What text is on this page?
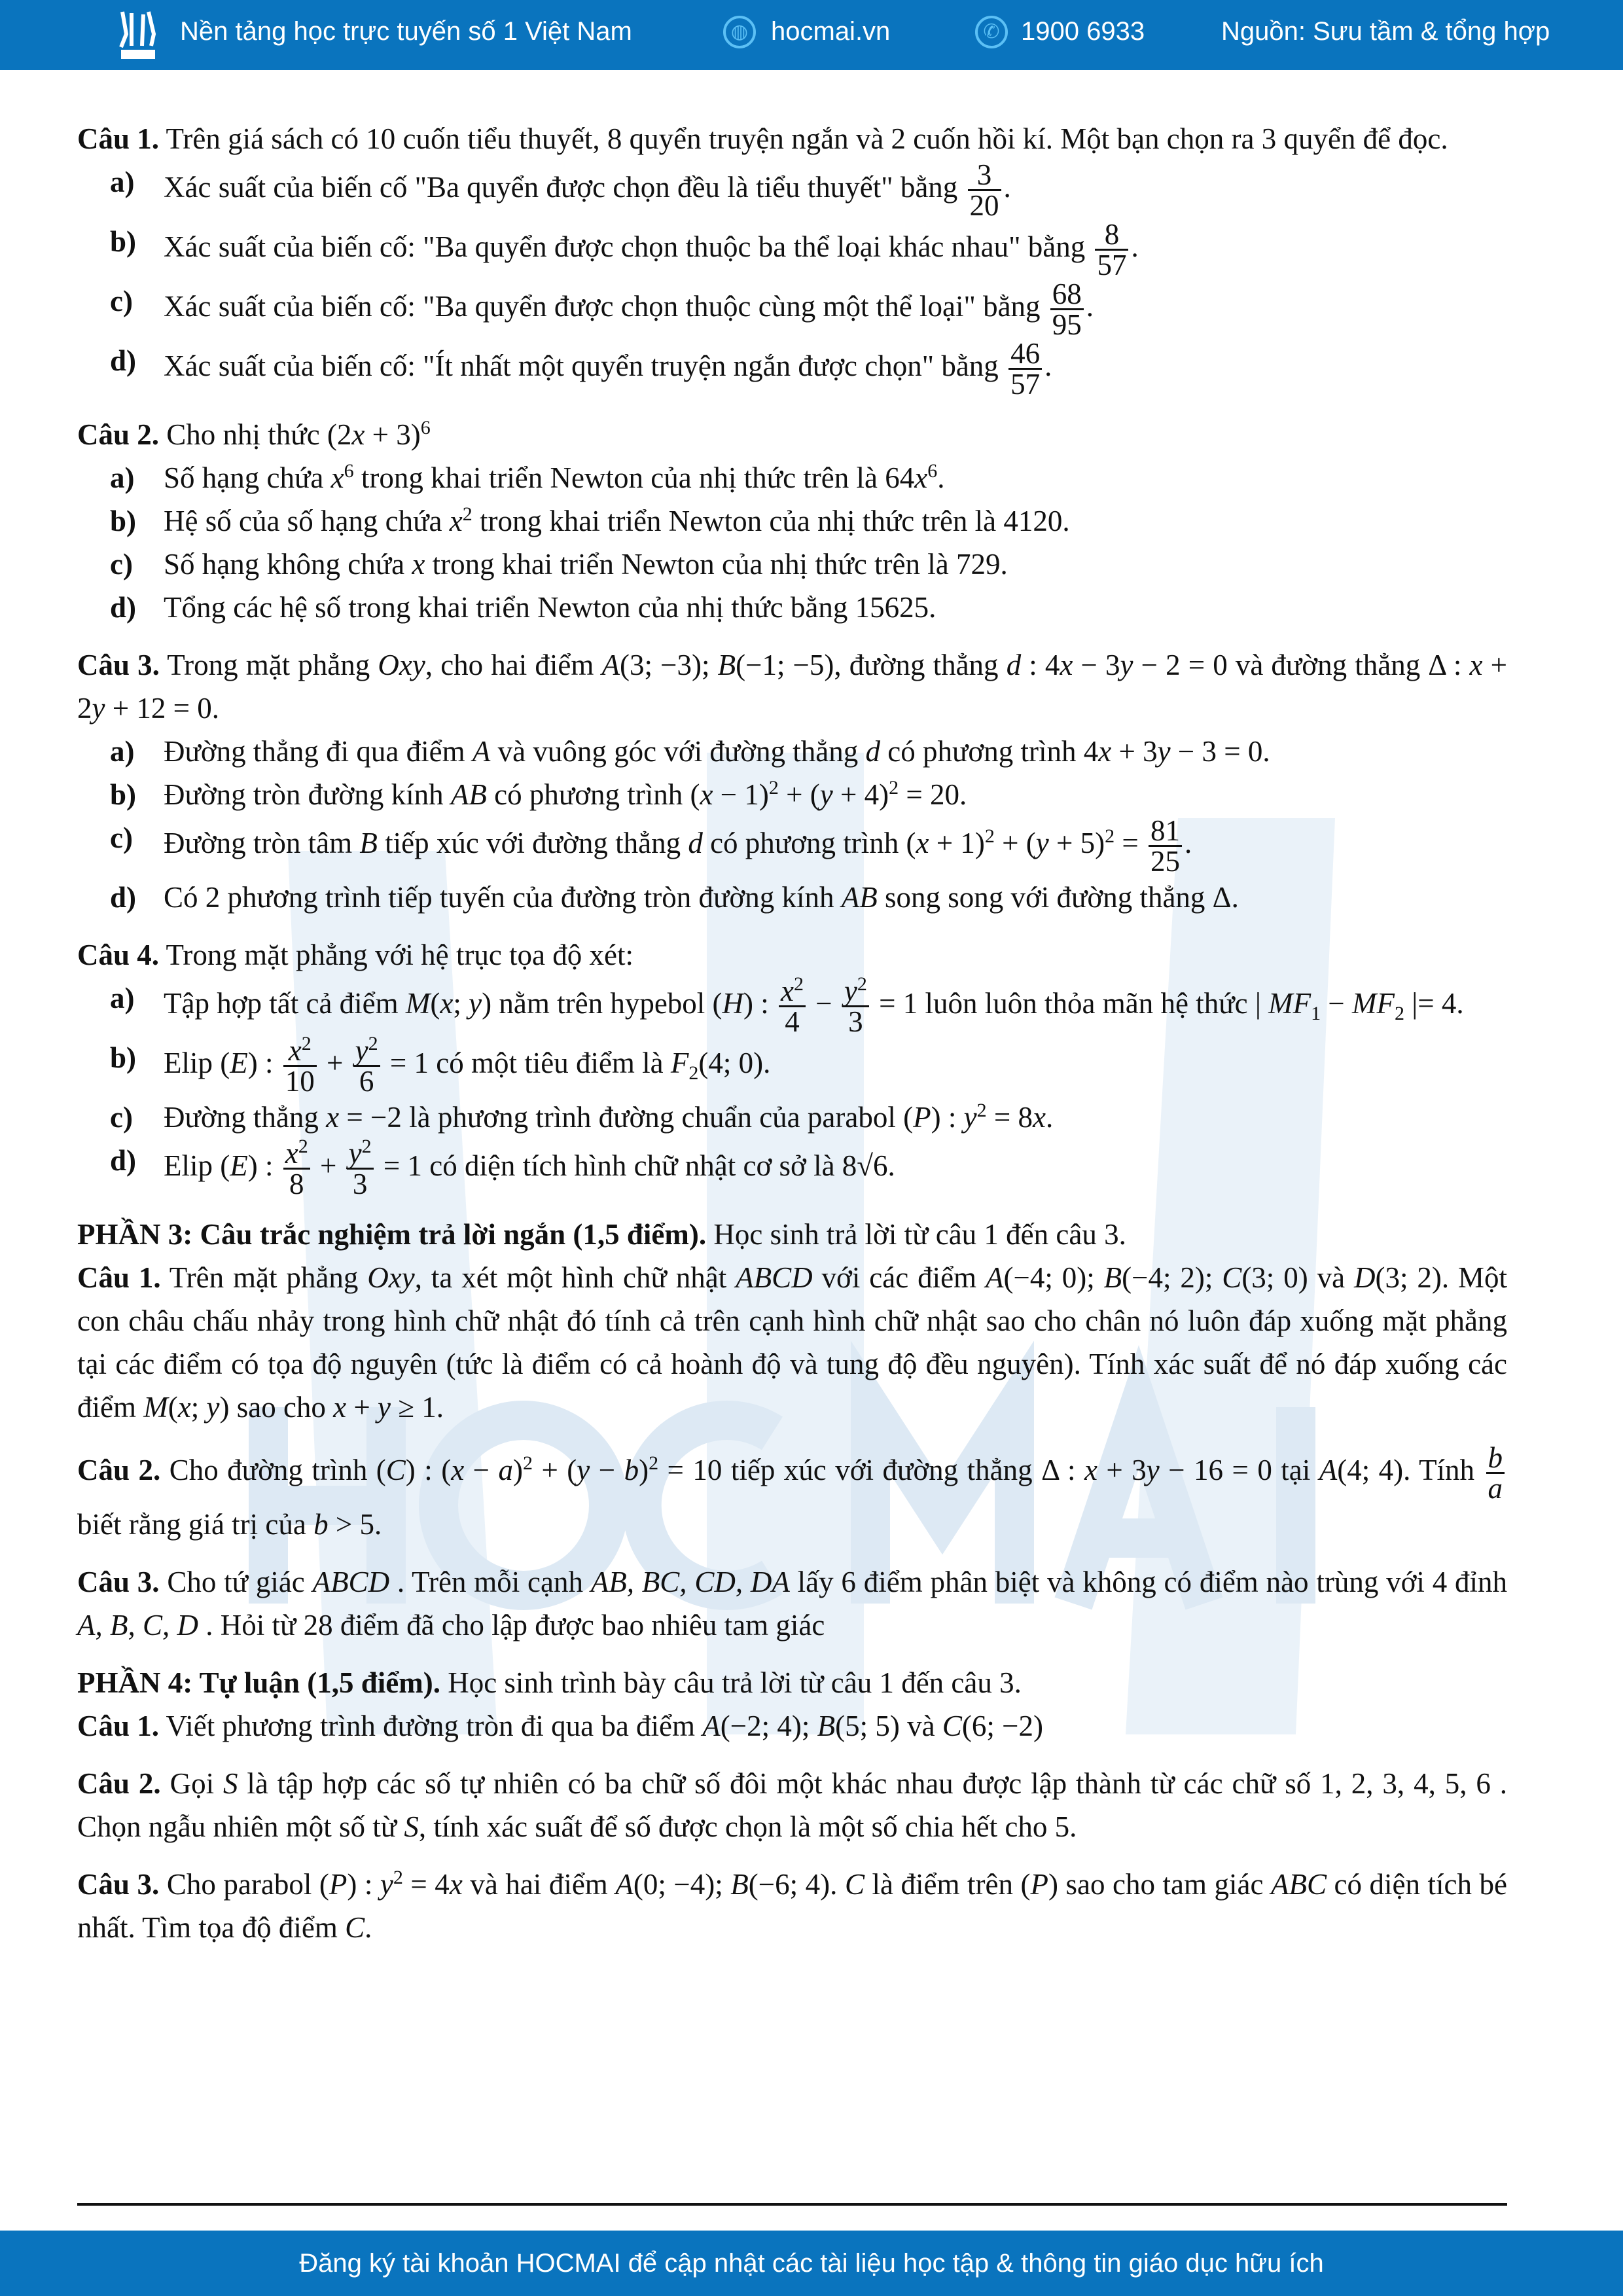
Nền tảng học trực tuyến số 1 Việt Nam	◍ hocmai.vn	✆ 1900 6933	Nguồn: Sưu tầm & tổng hợp
Câu 1. Trên giá sách có 10 cuốn tiểu thuyết, 8 quyển truyện ngắn và 2 cuốn hồi kí. Một bạn chọn ra 3 quyển để đọc.
a) Xác suất của biến cố "Ba quyển được chọn đều là tiểu thuyết" bằng $\frac{3}{20}$ .
b) Xác suất của biến cố: "Ba quyển được chọn thuộc ba thể loại khác nhau" bằng $\frac{8}{57}$ .
c) Xác suất của biến cố: "Ba quyển được chọn thuộc cùng một thể loại" bằng $\frac{68}{95}$ .
d) Xác suất của biến cố: "Ít nhất một quyển truyện ngắn được chọn" bằng $\frac{46}{57}$ .
Câu 2. Cho nhị thức $(2x + 3)^6$
a) Số hạng chứa $x^6$ trong khai triển Newton của nhị thức trên là $64x^6$.
b) Hệ số của số hạng chứa $x^2$ trong khai triển Newton của nhị thức trên là 4120.
c) Số hạng không chứa x trong khai triển Newton của nhị thức trên là 729.
d) Tổng các hệ số trong khai triển Newton của nhị thức bằng 15625.
Câu 3. Trong mặt phẳng Oxy, cho hai điểm A(3; −3); B(−1; −5), đường thẳng d : 4x − 3y − 2 = 0 và đường thẳng Δ : x + 2y + 12 = 0.
a) Đường thẳng đi qua điểm A và vuông góc với đường thẳng d có phương trình 4x + 3y − 3 = 0.
b) Đường tròn đường kính AB có phương trình $(x - 1)^2 + (y + 4)^2 = 20$.
c) Đường tròn tâm B tiếp xúc với đường thẳng d có phương trình $(x + 1)^2 + (y + 5)^2 = \frac{81}{25}$ .
d) Có 2 phương trình tiếp tuyến của đường tròn đường kính AB song song với đường thẳng Δ.
Câu 4. Trong mặt phẳng với hệ trục tọa độ xét:
a) Tập hợp tất cả điểm M(x; y) nằm trên hypebol (H) : $\frac{x^2}{4} - \frac{y^2}{3} = 1$ luôn luôn thỏa mãn hệ thức | $MF_1 - MF_2$ |= 4.
b) Elip (E) : $\frac{x^2}{10} + \frac{y^2}{6} = 1$ có một tiêu điểm là $F_2(4$; 0).
c) Đường thẳng x = −2 là phương trình đường chuẩn của parabol (P) : $y^2 = 8x$.
d) Elip (E) : $\frac{x^2}{8} + \frac{y^2}{3} = 1$ có diện tích hình chữ nhật cơ sở là 8√6.
PHẦN 3: Câu trắc nghiệm trả lời ngắn (1,5 điểm). Học sinh trả lời từ câu 1 đến câu 3.
Câu 1. Trên mặt phẳng Oxy, ta xét một hình chữ nhật ABCD với các điểm A(−4; 0); B(−4; 2); C(3; 0) và D(3; 2). Một con châu chấu nhảy trong hình chữ nhật đó tính cả trên cạnh hình chữ nhật sao cho chân nó luôn đáp xuống mặt phẳng tại các điểm có tọa độ nguyên (tức là điểm có cả hoành độ và tung độ đều nguyên). Tính xác suất để nó đáp xuống các điểm M(x; y) sao cho x + y ≥ 1.
Câu 2. Cho đường trình (C) : $(x - a)^2 + (y - b)^2 = 10$ tiếp xúc với đường thẳng Δ : x + 3y − 16 = 0 tại A(4; 4). Tính $\frac{b}{a}$
biết rằng giá trị của b > 5.
Câu 3. Cho tứ giác ABCD . Trên mỗi cạnh AB, BC, CD, DA lấy 6 điểm phân biệt và không có điểm nào trùng với 4 đỉnh A, B, C, D . Hỏi từ 28 điểm đã cho lập được bao nhiêu tam giác
PHẦN 4: Tự luận (1,5 điểm). Học sinh trình bày câu trả lời từ câu 1 đến câu 3.
Câu 1. Viết phương trình đường tròn đi qua ba điểm A(−2; 4); B(5; 5) và C(6; −2)
Câu 2. Gọi S là tập hợp các số tự nhiên có ba chữ số đôi một khác nhau được lập thành từ các chữ số 1, 2, 3, 4, 5, 6 . Chọn ngẫu nhiên một số từ S, tính xác suất để số được chọn là một số chia hết cho 5.
Câu 3. Cho parabol (P) : $y^2 = 4x$ và hai điểm A(0; −4); B(−6; 4). C là điểm trên (P) sao cho tam giác ABC có diện tích bé nhất. Tìm tọa độ điểm C.
Đăng ký tài khoản HOCMAI để cập nhật các tài liệu học tập & thông tin giáo dục hữu ích
